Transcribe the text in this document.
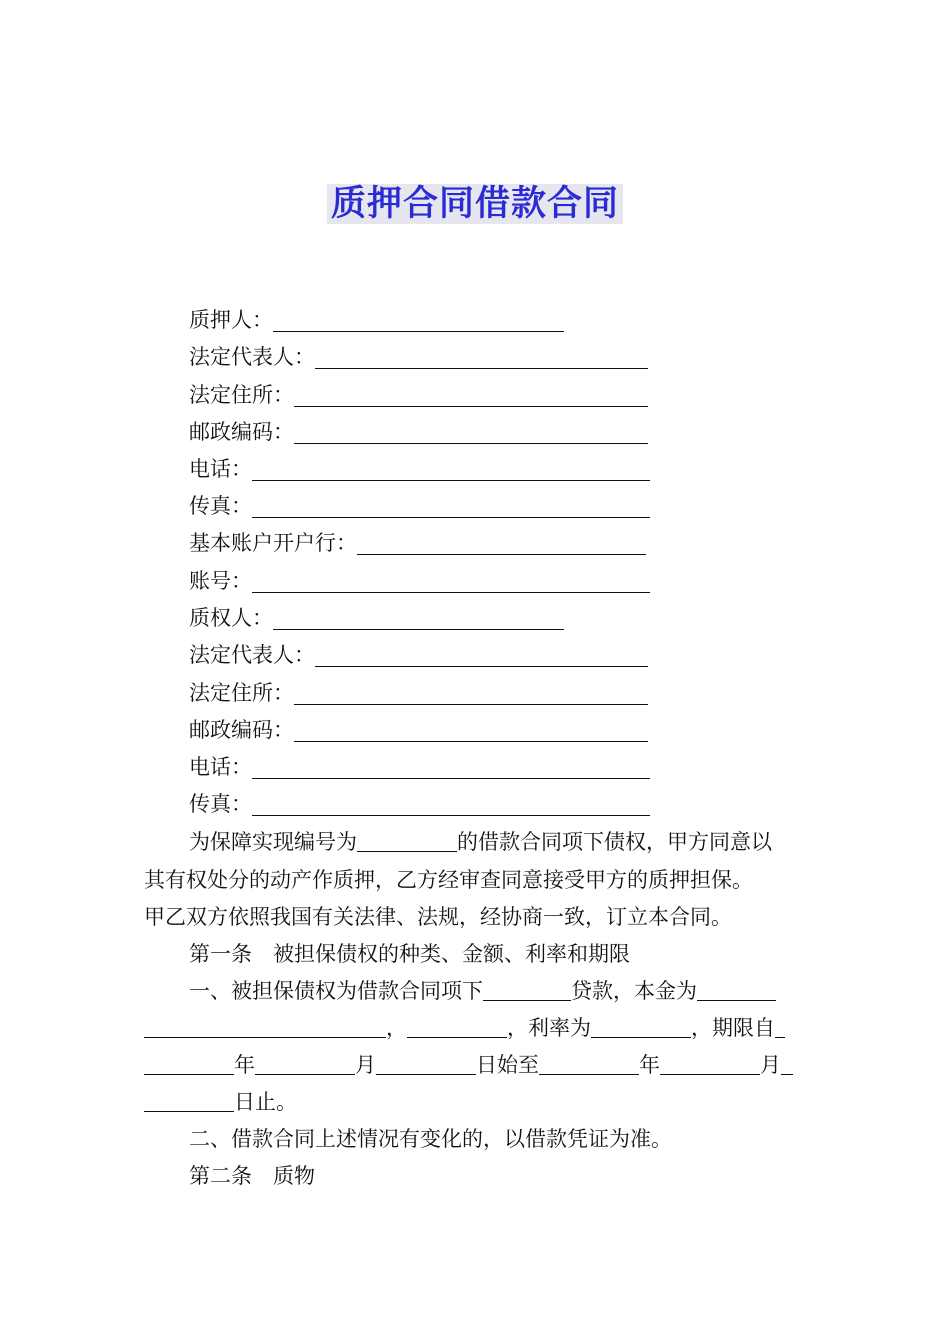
质押合同借款合同
质押人：
法定代表人：
法定住所：
邮政编码：
电话：
传真：
基本账户开户行：
账号：
质权人：
法定代表人：
法定住所：
邮政编码：
电话：
传真：
为保障实现编号为	的借款合同项下债权，甲方同意以
其有权处分的动产作质押，乙方经审查同意接受甲方的质押担保。
甲乙双方依照我国有关法律、法规，经协商一致，订立本合同。
第一条　被担保债权的种类、金额、利率和期限
一、被担保债权为借款合同项下	贷款，本金为
，	，利率为	，期限自
年	月	日始至	年	月
日止。
二、借款合同上述情况有变化的，以借款凭证为准。
第二条　质物
